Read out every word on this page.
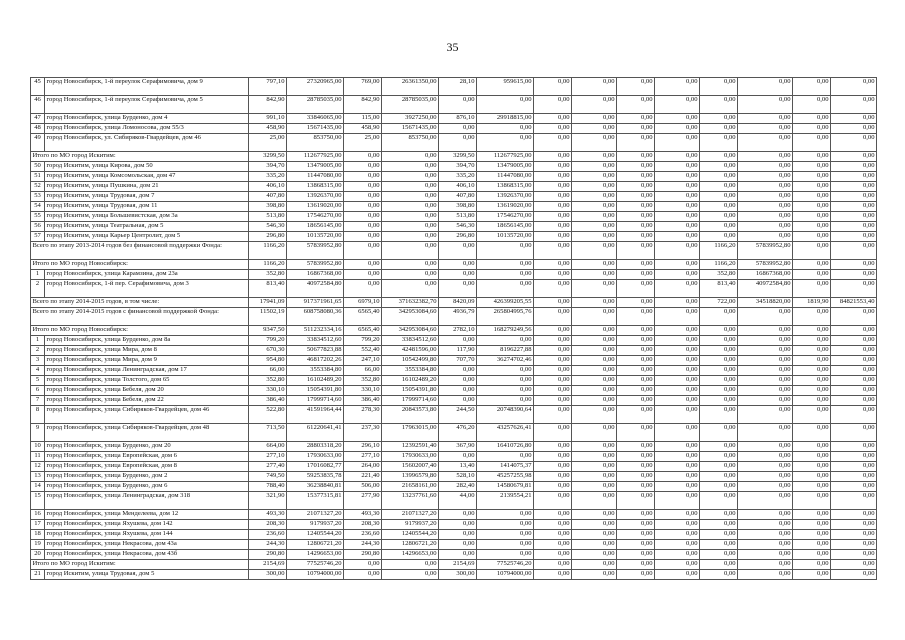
35
45	город Новосибирск, 1-й переулок Серафимовича, дом 9	797,10	27320965,00	769,00	26361350,00	28,10	959615,00	0,00	0,00	0,00	0,00	0,00	0,00	0,00	0,00
46	город Новосибирск, 1-й переулок Серафимовича, дом 5	842,90	28785035,00	842,90	28785035,00	0,00	0,00	0,00	0,00	0,00	0,00	0,00	0,00	0,00	0,00
47	город Новосибирск, улица Бурденко, дом 4	991,10	33846065,00	115,00	3927250,00	876,10	29918815,00	0,00	0,00	0,00	0,00	0,00	0,00	0,00	0,00
48	город Новосибирск, улица Ломоносова, дом 55/3	458,90	15671435,00	458,90	15671435,00	0,00	0,00	0,00	0,00	0,00	0,00	0,00	0,00	0,00	0,00
49	город Новосибирск, ул. Сибиряков-Гвардейцев, дом 46	25,00	853750,00	25,00	853750,00	0,00	0,00	0,00	0,00	0,00	0,00	0,00	0,00	0,00	0,00
Итого по МО город Искитим:		3299,50	112677925,00	0,00	0,00	3299,50	112677925,00	0,00	0,00	0,00	0,00	0,00	0,00	0,00	0,00
50	город Искитим, улица Кирова, дом 50	394,70	13479005,00	0,00	0,00	394,70	13479005,00	0,00	0,00	0,00	0,00	0,00	0,00	0,00	0,00
51	город Искитим, улица Комсомольская, дом 47	335,20	11447080,00	0,00	0,00	335,20	11447080,00	0,00	0,00	0,00	0,00	0,00	0,00	0,00	0,00
52	город Искитим, улица Пушкина, дом 21	406,10	13868315,00	0,00	0,00	406,10	13868315,00	0,00	0,00	0,00	0,00	0,00	0,00	0,00	0,00
53	город Искитим, улица Трудовая, дом 7	407,80	13926370,00	0,00	0,00	407,80	13926370,00	0,00	0,00	0,00	0,00	0,00	0,00	0,00	0,00
54	город Искитим, улица Трудовая, дом 11	398,80	13619020,00	0,00	0,00	398,80	13619020,00	0,00	0,00	0,00	0,00	0,00	0,00	0,00	0,00
55	город Искитим, улица Большевистская, дом 3а	513,80	17546270,00	0,00	0,00	513,80	17546270,00	0,00	0,00	0,00	0,00	0,00	0,00	0,00	0,00
56	город Искитим, улица Театральная, дом 5	546,30	18656145,00	0,00	0,00	546,30	18656145,00	0,00	0,00	0,00	0,00	0,00	0,00	0,00	0,00
57	город Искитим, улица Карьер Центролит, дом 5	296,80	10135720,00	0,00	0,00	296,80	10135720,00	0,00	0,00	0,00	0,00	0,00	0,00	0,00	0,00
Всего по этапу 2013-2014 годов без финансовой поддержки Фонда:		1166,20	57839952,80	0,00	0,00	0,00	0,00	0,00	0,00	0,00	0,00	1166,20	57839952,80	0,00	0,00
Итого по МО город Новосибирск:		1166,20	57839952,80	0,00	0,00	0,00	0,00	0,00	0,00	0,00	0,00	1166,20	57839952,80	0,00	0,00
1	город Новосибирск, улица Карамзина, дом 23а	352,80	16867368,00	0,00	0,00	0,00	0,00	0,00	0,00	0,00	0,00	352,80	16867368,00	0,00	0,00
2	город Новосибирск, 1-й пер. Серафимовича, дом 3	813,40	40972584,80	0,00	0,00	0,00	0,00	0,00	0,00	0,00	0,00	813,40	40972584,80	0,00	0,00
Всего по этапу 2014-2015 годов, в том числе:		17941,09	917371961,65	6979,10	371632382,70	8420,09	426399205,55	0,00	0,00	0,00	0,00	722,00	34518820,00	1819,90	84821553,40
Всего по этапу 2014-2015 годов с финансовой поддержкой Фонда:		11502,19	608758080,36	6565,40	342953084,60	4936,79	265804995,76	0,00	0,00	0,00	0,00	0,00	0,00	0,00	0,00
Итого по МО город Новосибирск:		9347,50	511232334,16	6565,40	342953084,60	2782,10	168279249,56	0,00	0,00	0,00	0,00	0,00	0,00	0,00	0,00
1	город Новосибирск, улица Бурденко, дом 8а	799,20	33834512,60	799,20	33834512,60	0,00	0,00	0,00	0,00	0,00	0,00	0,00	0,00	0,00	0,00
2	город Новосибирск, улица Мира, дом 8	670,30	50677823,88	552,40	42481596,00	117,90	8196227,88	0,00	0,00	0,00	0,00	0,00	0,00	0,00	0,00
3	город Новосибирск, улица Мира, дом 9	954,80	46817202,26	247,10	10542499,80	707,70	36274702,46	0,00	0,00	0,00	0,00	0,00	0,00	0,00	0,00
4	город Новосибирск, улица Ленинградская, дом 17	66,00	3553384,80	66,00	3553384,80	0,00	0,00	0,00	0,00	0,00	0,00	0,00	0,00	0,00	0,00
5	город Новосибирск, улица Толстого, дом 65	352,80	16102489,20	352,80	16102489,20	0,00	0,00	0,00	0,00	0,00	0,00	0,00	0,00	0,00	0,00
6	город Новосибирск, улица Бебеля, дом 20	330,10	15054391,80	330,10	15054391,80	0,00	0,00	0,00	0,00	0,00	0,00	0,00	0,00	0,00	0,00
7	город Новосибирск, улица Бебеля, дом 22	386,40	17999714,60	386,40	17999714,60	0,00	0,00	0,00	0,00	0,00	0,00	0,00	0,00	0,00	0,00
8	город Новосибирск, улица Сибиряков-Гвардейцев, дом 46	522,80	41591964,44	278,30	20843573,80	244,50	20748390,64	0,00	0,00	0,00	0,00	0,00	0,00	0,00	0,00
9	город Новосибирск, улица Сибиряков-Гвардейцев, дом 48	713,50	61220641,41	237,30	17963015,00	476,20	43257626,41	0,00	0,00	0,00	0,00	0,00	0,00	0,00	0,00
10	город Новосибирск, улица Бурденко, дом 20	664,00	28803318,20	296,10	12392591,40	367,90	16410726,80	0,00	0,00	0,00	0,00	0,00	0,00	0,00	0,00
11	город Новосибирск, улица Европейская, дом 6	277,10	17930633,00	277,10	17930633,00	0,00	0,00	0,00	0,00	0,00	0,00	0,00	0,00	0,00	0,00
12	город Новосибирск, улица Европейская, дом 8	277,40	17016082,77	264,00	15602007,40	13,40	1414075,37	0,00	0,00	0,00	0,00	0,00	0,00	0,00	0,00
13	город Новосибирск, улица Бурденко, дом 2	749,50	59253835,78	221,40	13996579,80	528,10	45257255,98	0,00	0,00	0,00	0,00	0,00	0,00	0,00	0,00
14	город Новосибирск, улица Бурденко, дом 6	788,40	36238840,81	506,00	21658161,00	282,40	14580679,81	0,00	0,00	0,00	0,00	0,00	0,00	0,00	0,00
15	город Новосибирск, улица Ленинградская, дом 318	321,90	15377315,81	277,90	13237761,60	44,00	2139554,21	0,00	0,00	0,00	0,00	0,00	0,00	0,00	0,00
16	город Новосибирск, улица Менделеева, дом 12	493,30	21071327,20	493,30	21071327,20	0,00	0,00	0,00	0,00	0,00	0,00	0,00	0,00	0,00	0,00
17	город Новосибирск, улица Яхушева, дом 142	208,30	9179937,20	208,30	9179937,20	0,00	0,00	0,00	0,00	0,00	0,00	0,00	0,00	0,00	0,00
18	город Новосибирск, улица Яхушева, дом 144	236,60	12405544,20	236,60	12405544,20	0,00	0,00	0,00	0,00	0,00	0,00	0,00	0,00	0,00	0,00
19	город Новосибирск, улица Некрасова, дом 43а	244,30	12806721,20	244,30	12806721,20	0,00	0,00	0,00	0,00	0,00	0,00	0,00	0,00	0,00	0,00
20	город Новосибирск, улица Некрасова, дом 43б	290,80	14296653,00	290,80	14296653,00	0,00	0,00	0,00	0,00	0,00	0,00	0,00	0,00	0,00	0,00
Итого по МО город Искитим:		2154,69	77525746,20	0,00	0,00	2154,69	77525746,20	0,00	0,00	0,00	0,00	0,00	0,00	0,00	0,00
21	город Искитим, улица Трудовая, дом 5	300,00	10794000,00	0,00	0,00	300,00	10794000,00	0,00	0,00	0,00	0,00	0,00	0,00	0,00	0,00
